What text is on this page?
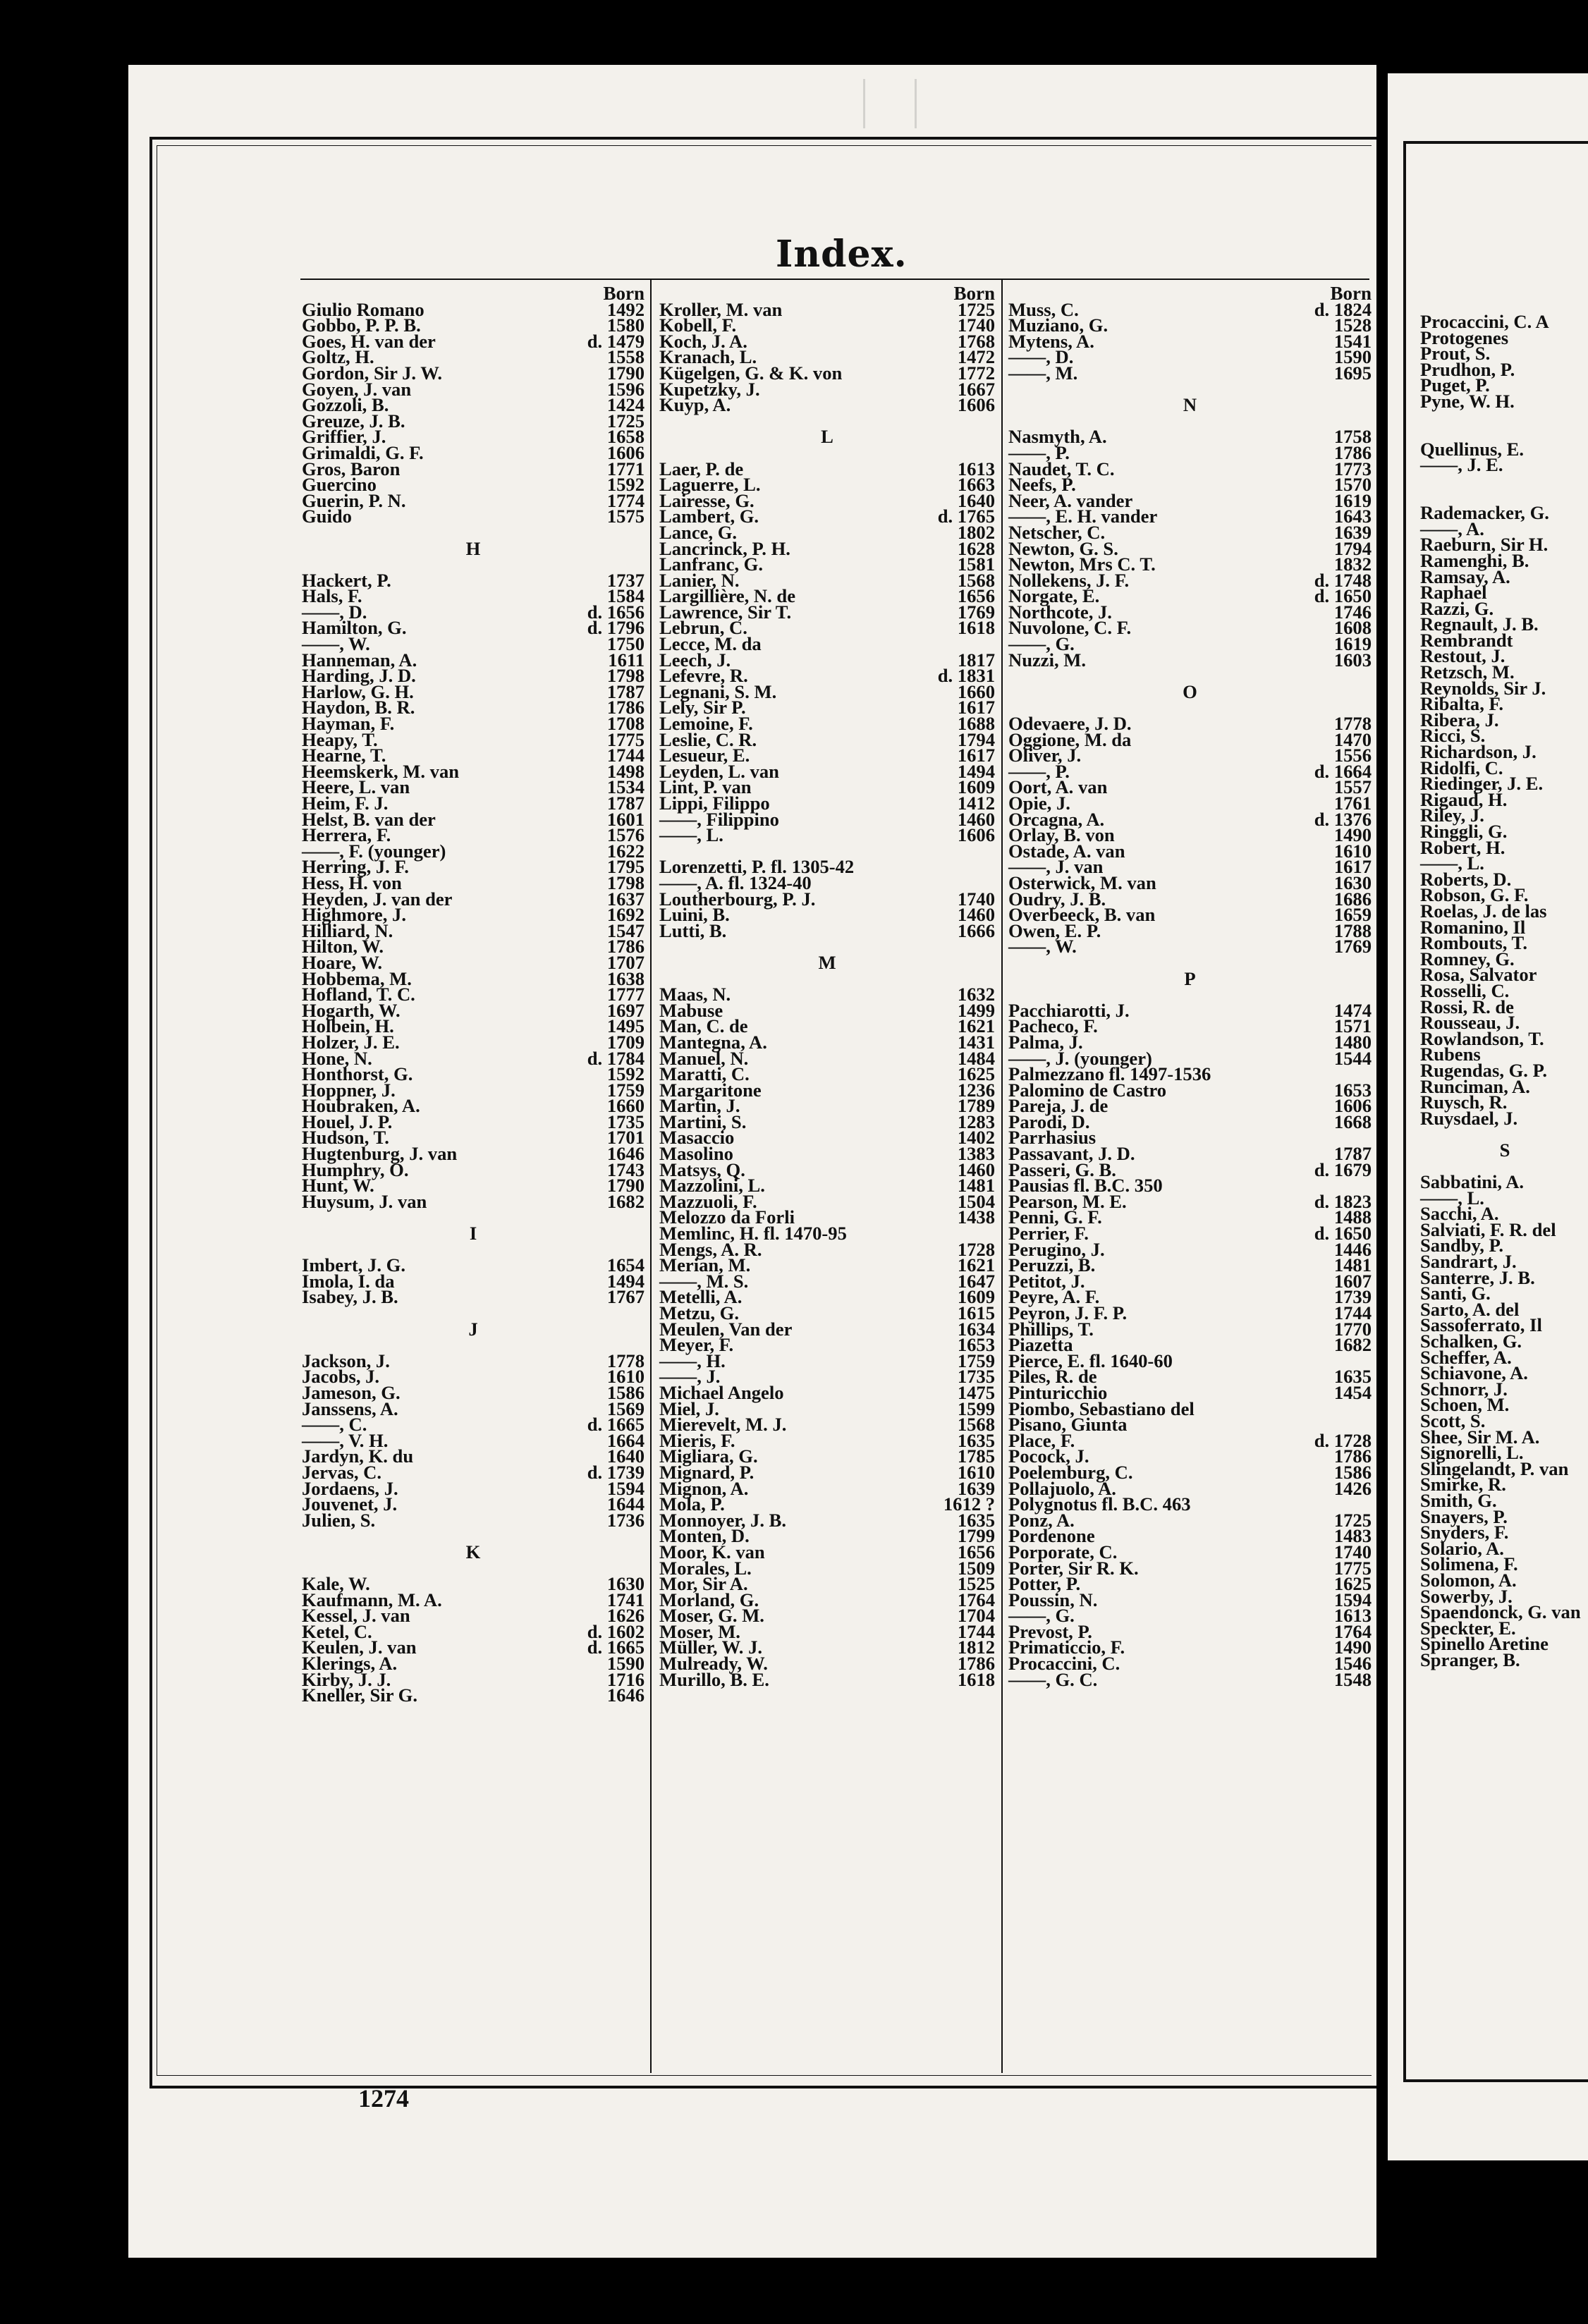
Index.
Born
Giulio Romano	1492
Gobbo, P. P. B.	1580
Goes, H. van der	d. 1479
Goltz, H.	1558
Gordon, Sir J. W.	1790
Goyen, J. van	1596
Gozzoli, B.	1424
Greuze, J. B.	1725
Griffier, J.	1658
Grimaldi, G. F.	1606
Gros, Baron	1771
Guercino	1592
Guerin, P. N.	1774
Guido	1575
H
Hackert, P.	1737
Hals, F.	1584
——, D.	d. 1656
Hamilton, G.	d. 1796
——, W.	1750
Hanneman, A.	1611
Harding, J. D.	1798
Harlow, G. H.	1787
Haydon, B. R.	1786
Hayman, F.	1708
Heapy, T.	1775
Hearne, T.	1744
Heemskerk, M. van	1498
Heere, L. van	1534
Heim, F. J.	1787
Helst, B. van der	1601
Herrera, F.	1576
——, F. (younger)	1622
Herring, J. F.	1795
Hess, H. von	1798
Heyden, J. van der	1637
Highmore, J.	1692
Hilliard, N.	1547
Hilton, W.	1786
Hoare, W.	1707
Hobbema, M.	1638
Hofland, T. C.	1777
Hogarth, W.	1697
Holbein, H.	1495
Holzer, J. E.	1709
Hone, N.	d. 1784
Honthorst, G.	1592
Hoppner, J.	1759
Houbraken, A.	1660
Houel, J. P.	1735
Hudson, T.	1701
Hugtenburg, J. van	1646
Humphry, O.	1743
Hunt, W.	1790
Huysum, J. van	1682
I
Imbert, J. G.	1654
Imola, I. da	1494
Isabey, J. B.	1767
J
Jackson, J.	1778
Jacobs, J.	1610
Jameson, G.	1586
Janssens, A.	1569
——, C.	d. 1665
——, V. H.	1664
Jardyn, K. du	1640
Jervas, C.	d. 1739
Jordaens, J.	1594
Jouvenet, J.	1644
Julien, S.	1736
K
Kale, W.	1630
Kaufmann, M. A.	1741
Kessel, J. van	1626
Ketel, C.	d. 1602
Keulen, J. van	d. 1665
Klerings, A.	1590
Kirby, J. J.	1716
Kneller, Sir G.	1646
Born
Kroller, M. van	1725
Kobell, F.	1740
Koch, J. A.	1768
Kranach, L.	1472
Kügelgen, G. & K. von	1772
Kupetzky, J.	1667
Kuyp, A.	1606
L
Laer, P. de	1613
Laguerre, L.	1663
Lairesse, G.	1640
Lambert, G.	d. 1765
Lance, G.	1802
Lancrinck, P. H.	1628
Lanfranc, G.	1581
Lanier, N.	1568
Largillière, N. de	1656
Lawrence, Sir T.	1769
Lebrun, C.	1618
Lecce, M. da
Leech, J.	1817
Lefevre, R.	d. 1831
Legnani, S. M.	1660
Lely, Sir P.	1617
Lemoine, F.	1688
Leslie, C. R.	1794
Lesueur, E.	1617
Leyden, L. van	1494
Lint, P. van	1609
Lippi, Filippo	1412
——, Filippino	1460
——, L.	1606
Lorenzetti, P. fl. 1305-42
——, A. fl. 1324-40
Loutherbourg, P. J.	1740
Luini, B.	1460
Lutti, B.	1666
M
Maas, N.	1632
Mabuse	1499
Man, C. de	1621
Mantegna, A.	1431
Manuel, N.	1484
Maratti, C.	1625
Margaritone	1236
Martin, J.	1789
Martini, S.	1283
Masaccio	1402
Masolino	1383
Matsys, Q.	1460
Mazzolini, L.	1481
Mazzuoli, F.	1504
Melozzo da Forli	1438
Memlinc, H. fl. 1470-95
Mengs, A. R.	1728
Merian, M.	1621
——, M. S.	1647
Metelli, A.	1609
Metzu, G.	1615
Meulen, Van der	1634
Meyer, F.	1653
——, H.	1759
——, J.	1735
Michael Angelo	1475
Miel, J.	1599
Mierevelt, M. J.	1568
Mieris, F.	1635
Migliara, G.	1785
Mignard, P.	1610
Mignon, A.	1639
Mola, P.	1612 ?
Monnoyer, J. B.	1635
Monten, D.	1799
Moor, K. van	1656
Morales, L.	1509
Mor, Sir A.	1525
Morland, G.	1764
Moser, G. M.	1704
Moser, M.	1744
Müller, W. J.	1812
Mulready, W.	1786
Murillo, B. E.	1618
Born
Muss, C.	d. 1824
Muziano, G.	1528
Mytens, A.	1541
——, D.	1590
——, M.	1695
N
Nasmyth, A.	1758
——, P.	1786
Naudet, T. C.	1773
Neefs, P.	1570
Neer, A. vander	1619
——, E. H. vander	1643
Netscher, C.	1639
Newton, G. S.	1794
Newton, Mrs C. T.	1832
Nollekens, J. F.	d. 1748
Norgate, E.	d. 1650
Northcote, J.	1746
Nuvolone, C. F.	1608
——, G.	1619
Nuzzi, M.	1603
O
Odevaere, J. D.	1778
Oggione, M. da	1470
Oliver, J.	1556
——, P.	d. 1664
Oort, A. van	1557
Opie, J.	1761
Orcagna, A.	d. 1376
Orlay, B. von	1490
Ostade, A. van	1610
——, J. van	1617
Osterwick, M. van	1630
Oudry, J. B.	1686
Overbeeck, B. van	1659
Owen, E. P.	1788
——, W.	1769
P
Pacchiarotti, J.	1474
Pacheco, F.	1571
Palma, J.	1480
——, J. (younger)	1544
Palmezzano fl. 1497-1536
Palomino de Castro	1653
Pareja, J. de	1606
Parodi, D.	1668
Parrhasius
Passavant, J. D.	1787
Passeri, G. B.	d. 1679
Pausias fl. B.C. 350
Pearson, M. E.	d. 1823
Penni, G. F.	1488
Perrier, F.	d. 1650
Perugino, J.	1446
Peruzzi, B.	1481
Petitot, J.	1607
Peyre, A. F.	1739
Peyron, J. F. P.	1744
Phillips, T.	1770
Piazetta	1682
Pierce, E. fl. 1640-60
Piles, R. de	1635
Pinturicchio	1454
Piombo, Sebastiano del
Pisano, Giunta
Place, F.	d. 1728
Pocock, J.	1786
Poelemburg, C.	1586
Pollajuolo, A.	1426
Polygnotus fl. B.C. 463
Ponz, A.	1725
Pordenone	1483
Porporate, C.	1740
Porter, Sir R. K.	1775
Potter, P.	1625
Poussin, N.	1594
——, G.	1613
Prevost, P.	1764
Primaticcio, F.	1490
Procaccini, C.	1546
——, G. C.	1548
Procaccini, C. A
Protogenes
Prout, S.
Prudhon, P.
Puget, P.
Pyne, W. H.
Quellinus, E.
——, J. E.
Rademacker, G.
——, A.
Raeburn, Sir H.
Ramenghi, B.
Ramsay, A.
Raphael
Razzi, G.
Regnault, J. B.
Rembrandt
Restout, J.
Retzsch, M.
Reynolds, Sir J.
Ribalta, F.
Ribera, J.
Ricci, S.
Richardson, J.
Ridolfi, C.
Riedinger, J. E.
Rigaud, H.
Riley, J.
Ringgli, G.
Robert, H.
——, L.
Roberts, D.
Robson, G. F.
Roelas, J. de las
Romanino, Il
Rombouts, T.
Romney, G.
Rosa, Salvator
Rosselli, C.
Rossi, R. de
Rousseau, J.
Rowlandson, T.
Rubens
Rugendas, G. P.
Runciman, A.
Ruysch, R.
Ruysdael, J.
S
Sabbatini, A.
——, L.
Sacchi, A.
Salviati, F. R. del
Sandby, P.
Sandrart, J.
Santerre, J. B.
Santi, G.
Sarto, A. del
Sassoferrato, Il
Schalken, G.
Scheffer, A.
Schiavone, A.
Schnorr, J.
Schoen, M.
Scott, S.
Shee, Sir M. A.
Signorelli, L.
Slingelandt, P. van
Smirke, R.
Smith, G.
Snayers, P.
Snyders, F.
Solario, A.
Solimena, F.
Solomon, A.
Sowerby, J.
Spaendonck, G. van
Speckter, E.
Spinello Aretine
Spranger, B.
1274
